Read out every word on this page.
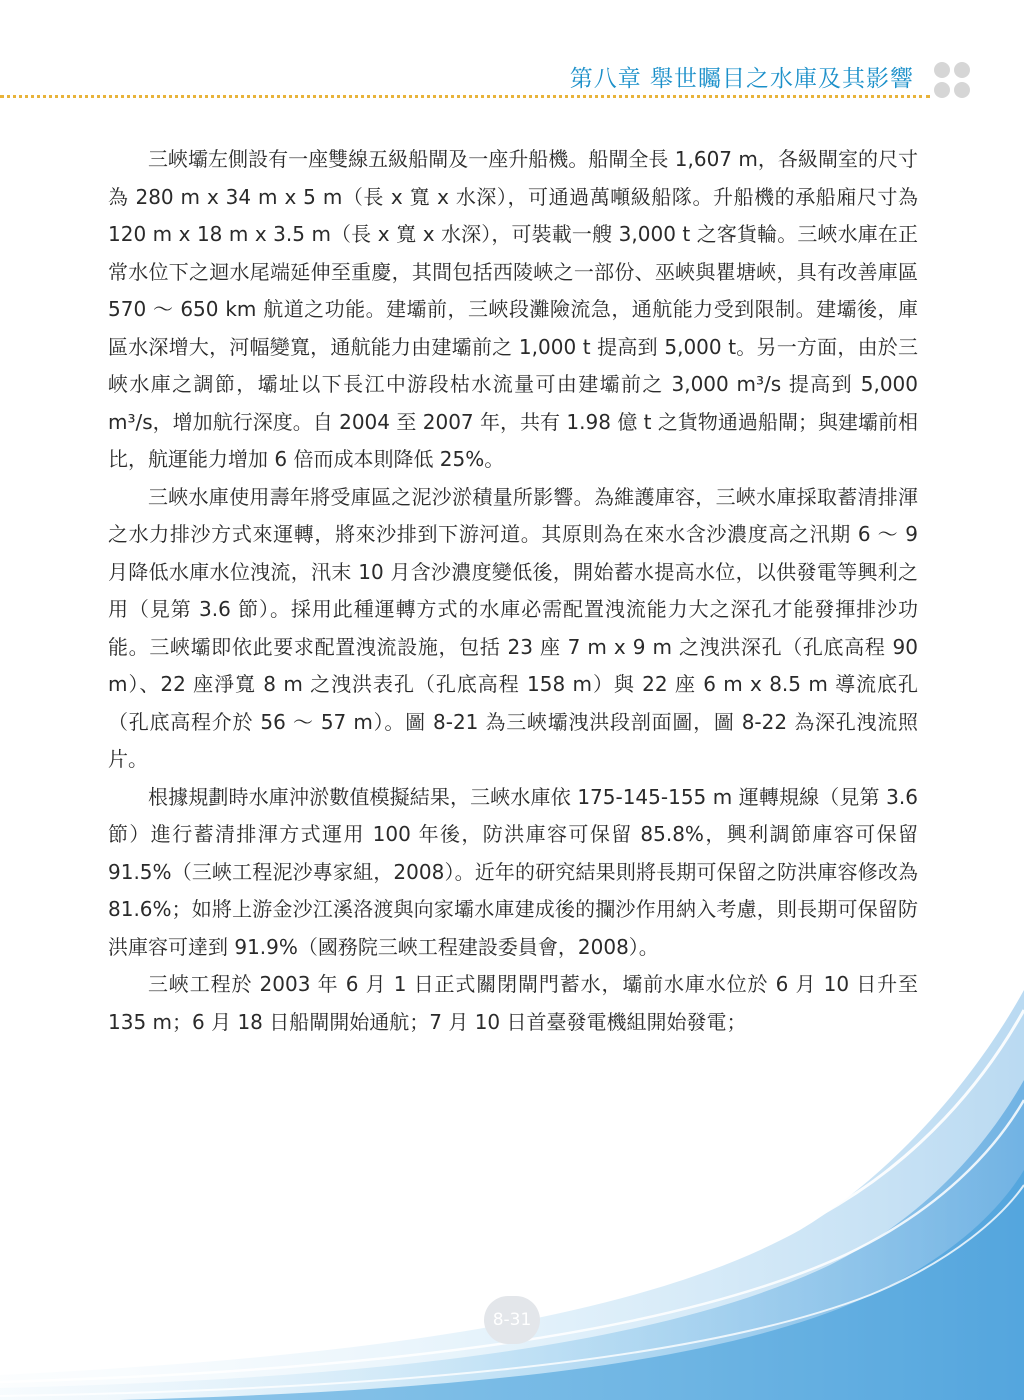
第八章 舉世矚目之水庫及其影響

三峽壩左側設有一座雙線五級船閘及一座升船機。船閘全長 1,607 m，各級閘室的尺寸為 280 m x 34 m x 5 m（長 x 寬 x 水深），可通過萬噸級船隊。升船機的承船廂尺寸為 120 m x 18 m x 3.5 m（長 x 寬 x 水深），可裝載一艘 3,000 t 之客貨輪。三峽水庫在正常水位下之迴水尾端延伸至重慶，其間包括西陵峽之一部份、巫峽與瞿塘峽，具有改善庫區 570 ～ 650 km 航道之功能。建壩前，三峽段灘險流急，通航能力受到限制。建壩後，庫區水深增大，河幅變寬，通航能力由建壩前之 1,000 t 提高到 5,000 t。另一方面，由於三峽水庫之調節，壩址以下長江中游段枯水流量可由建壩前之 3,000 m³/s 提高到 5,000 m³/s，增加航行深度。自 2004 至 2007 年，共有 1.98 億 t 之貨物通過船閘；與建壩前相比，航運能力增加 6 倍而成本則降低 25%。

三峽水庫使用壽年將受庫區之泥沙淤積量所影響。為維護庫容，三峽水庫採取蓄清排渾之水力排沙方式來運轉，將來沙排到下游河道。其原則為在來水含沙濃度高之汛期 6 ～ 9 月降低水庫水位洩流，汛末 10 月含沙濃度變低後，開始蓄水提高水位，以供發電等興利之用（見第 3.6 節）。採用此種運轉方式的水庫必需配置洩流能力大之深孔才能發揮排沙功能。三峽壩即依此要求配置洩流設施，包括 23 座 7 m x 9 m 之洩洪深孔（孔底高程 90 m）、22 座淨寬 8 m 之洩洪表孔（孔底高程 158 m）與 22 座 6 m x 8.5 m 導流底孔（孔底高程介於 56 ～ 57 m）。圖 8-21 為三峽壩洩洪段剖面圖，圖 8-22 為深孔洩流照片。

根據規劃時水庫沖淤數值模擬結果，三峽水庫依 175-145-155 m 運轉規線（見第 3.6 節）進行蓄清排渾方式運用 100 年後，防洪庫容可保留 85.8%，興利調節庫容可保留 91.5%（三峽工程泥沙專家組，2008）。近年的研究結果則將長期可保留之防洪庫容修改為 81.6%；如將上游金沙江溪洛渡與向家壩水庫建成後的攔沙作用納入考慮，則長期可保留防洪庫容可達到 91.9%（國務院三峽工程建設委員會，2008）。

三峽工程於 2003 年 6 月 1 日正式關閉閘門蓄水，壩前水庫水位於 6 月 10 日升至 135 m；6 月 18 日船閘開始通航；7 月 10 日首臺發電機組開始發電；

8-31
